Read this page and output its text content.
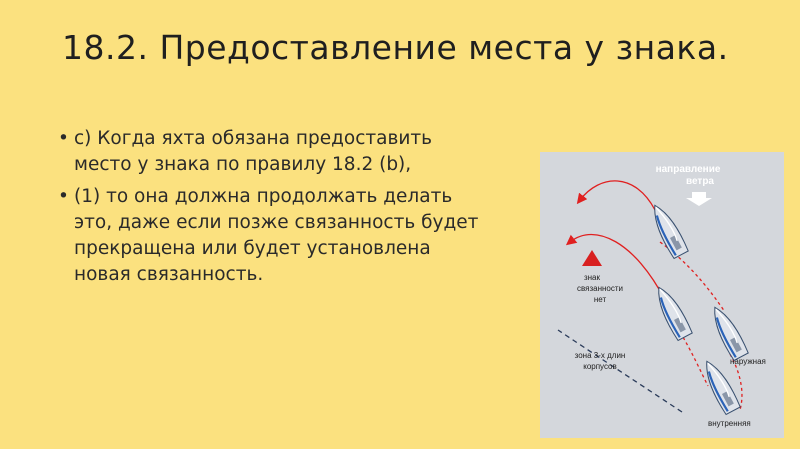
18.2. Предоставление места у знака.
• с) Когда яхта обязана предоставить место у знака по правилу 18.2 (b),
• (1) то она должна продолжать делать это, даже если позже связанность будет прекращена или будет установлена новая связанность.
направление
ветра
знак
связанности
нет
зона 3-х длин
корпусов
наружная
внутренняя
